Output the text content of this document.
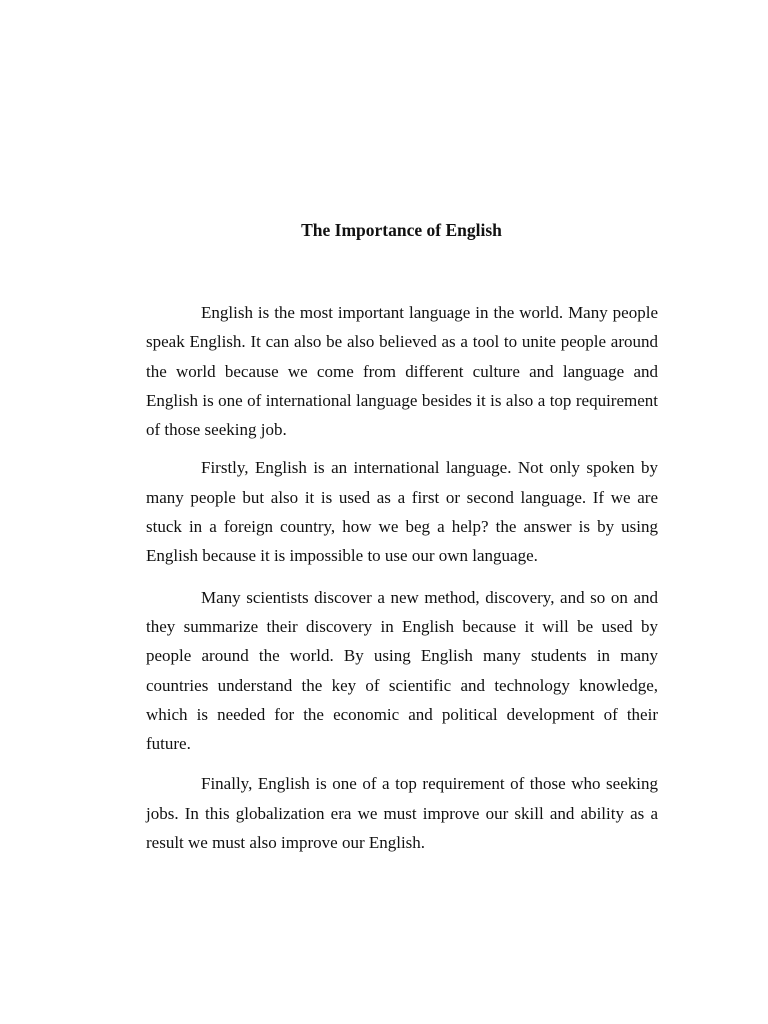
The Importance of English

English is the most important language in the world. Many people speak English. It can also be also believed as a tool to unite people around the world because we come from different culture and language and English is one of international language besides it is also a top requirement of those seeking job.

Firstly, English is an international language. Not only spoken by many people but also it is used as a first or second language. If we are stuck in a foreign country, how we beg a help? the answer is by using English because it is impossible to use our own language.

Many scientists discover a new method, discovery, and so on and they summarize their discovery in English because it will be used by people around the world. By using English many students in many countries understand the key of scientific and technology knowledge, which is needed for the economic and political development of their future.

Finally, English is one of a top requirement of those who seeking jobs. In this globalization era we must improve our skill and ability as a result we must also improve our English.
